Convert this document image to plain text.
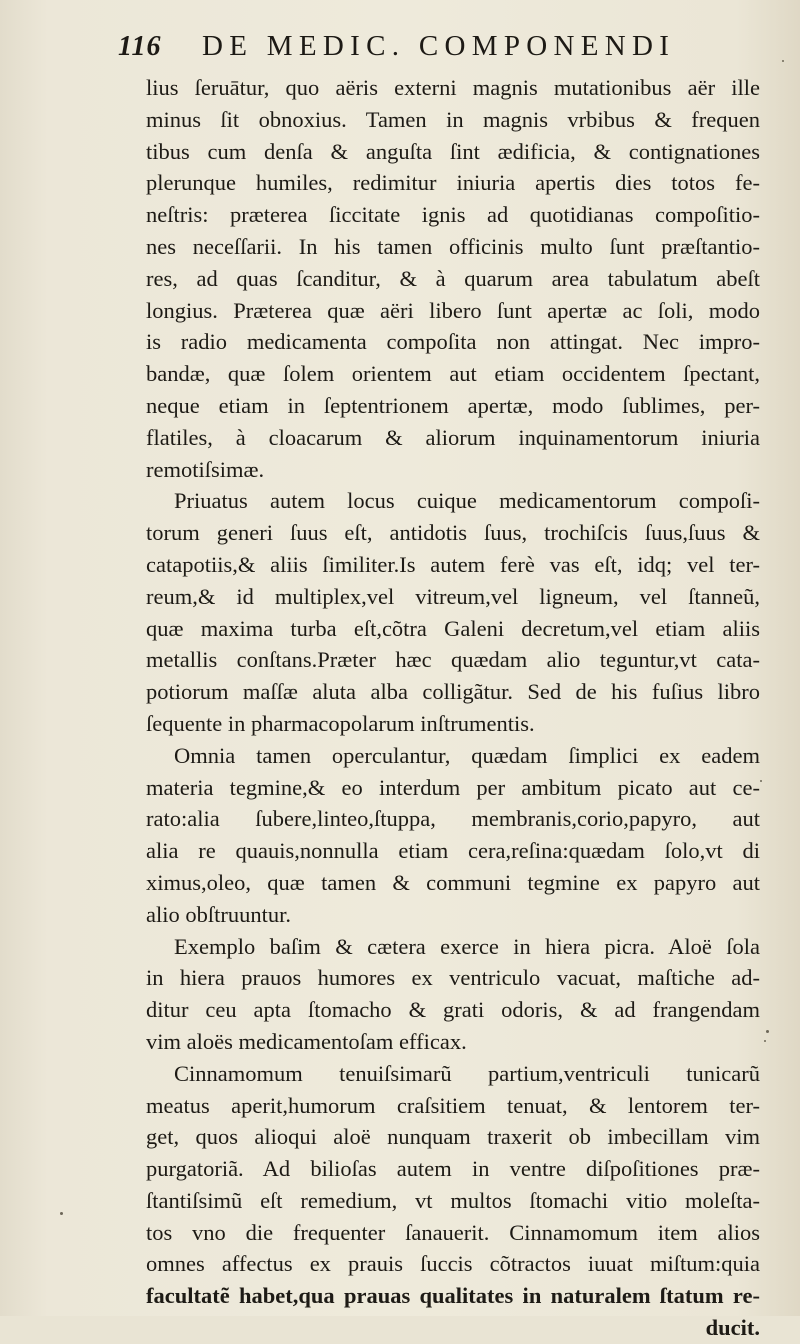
116	DE MEDIC. COMPONENDI
lius ſeruātur, quo aëris externi magnis mutationibus aër ille
minus ſit obnoxius. Tamen in magnis vrbibus & frequen
tibus cum denſa & anguſta ſint ædificia, & contignationes
plerunque humiles, redimitur iniuria apertis dies totos fe-
neſtris: præterea ſiccitate ignis ad quotidianas compoſitio-
nes neceſſarii. In his tamen officinis multo ſunt præſtantio-
res, ad quas ſcanditur, & à quarum area tabulatum abeſt
longius. Præterea quæ aëri libero ſunt apertæ ac ſoli, modo
is radio medicamenta compoſita non attingat. Nec impro-
bandæ, quæ ſolem orientem aut etiam occidentem ſpectant,
neque etiam in ſeptentrionem apertæ, modo ſublimes, per-
flatiles, à cloacarum & aliorum inquinamentorum iniuria
remotiſsimæ.
Priuatus autem locus cuique medicamentorum compoſi-
torum generi ſuus eſt, antidotis ſuus, trochiſcis ſuus,ſuus &
catapotiis,& aliis ſimiliter.Is autem ferè vas eſt, idq; vel ter-
reum,& id multiplex,vel vitreum,vel ligneum, vel ſtanneũ,
quæ maxima turba eſt,cõtra Galeni decretum,vel etiam aliis
metallis conſtans.Præter hæc quædam alio teguntur,vt cata-
potiorum maſſæ aluta alba colligãtur. Sed de his fuſius libro
ſequente in pharmacopolarum inſtrumentis.
Omnia tamen operculantur, quædam ſimplici ex eadem
materia tegmine,& eo interdum per ambitum picato aut ce-
rato:alia ſubere,linteo,ſtuppa, membranis,corio,papyro, aut
alia re quauis,nonnulla etiam cera,reſina:quædam ſolo,vt di
ximus,oleo, quæ tamen & communi tegmine ex papyro aut
alio obſtruuntur.
Exemplo baſim & cætera exerce in hiera picra. Aloë ſola
in hiera prauos humores ex ventriculo vacuat, maſtiche ad-
ditur ceu apta ſtomacho & grati odoris, & ad frangendam
vim aloës medicamentoſam efficax.
Cinnamomum tenuiſsimarũ partium,ventriculi tunicarũ
meatus aperit,humorum craſsitiem tenuat, & lentorem ter-
get, quos alioqui aloë nunquam traxerit ob imbecillam vim
purgatoriã. Ad bilioſas autem in ventre diſpoſitiones præ-
ſtantiſsimũ eſt remedium, vt multos ſtomachi vitio moleſta-
tos vno die frequenter ſanauerit. Cinnamomum item alios
omnes affectus ex prauis ſuccis cõtractos iuuat miſtum:quia
facultatẽ habet,qua prauas qualitates in naturalem ſtatum re-
ducit.
